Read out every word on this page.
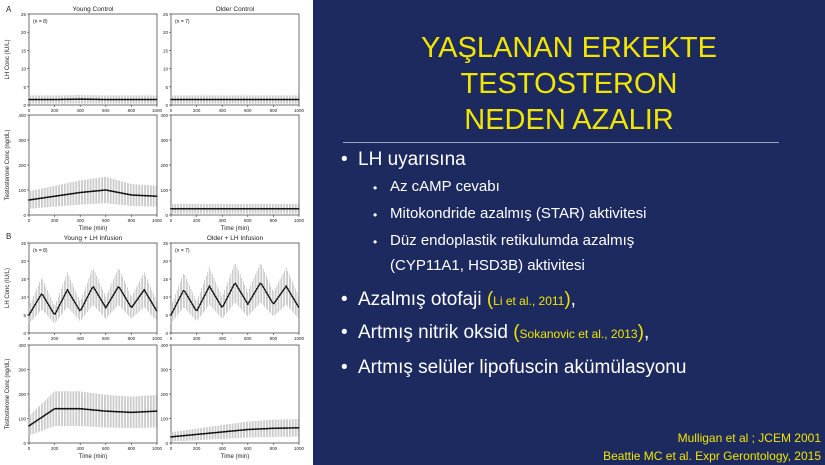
A
B
Young Control
(n = 8)
0
5
10
15
20
25
0	200	400	600	800	1000
LH Conc (IU/L)
Older Control
(n = 7)
0
5
10
15
20
25
0	200	400	600	800	1000
0
100
200
300
400
0	200	400	600	800	1000
Time (min)
Testosterone Conc (ng/dL)
0
100
200
300
400
0	200	400	600	800	1000
Time (min)
Young + LH Infusion
(n = 8)
0
5
10
15
20
25
0	200	400	600	800	1000
LH Conc (IU/L)
Older + LH Infusion
(n = 7)
0
5
10
15
20
25
0	200	400	600	800	1000
0
100
200
300
400
0	200	400	600	800	1000
Time (min)
Testosterone Conc (ng/dL)
0
100
200
300
400
0	200	400	600	800	1000
Time (min)
YAŞLANAN ERKEKTE TESTOSTERON
NEDEN AZALIR
• LH uyarısına
• Az cAMP cevabı
• Mitokondride azalmış (STAR) aktivitesi
• Düz endoplastik retikulumda azalmış
(CYP11A1, HSD3B) aktivitesi
• Azalmış otofaji (Li et al., 2011),
• Artmış nitrik oksid (Sokanovic et al., 2013),
• Artmış selüler lipofuscin akümülasyonu
Mulligan et al ; JCEM 2001
Beattie MC et al. Expr Gerontology, 2015
